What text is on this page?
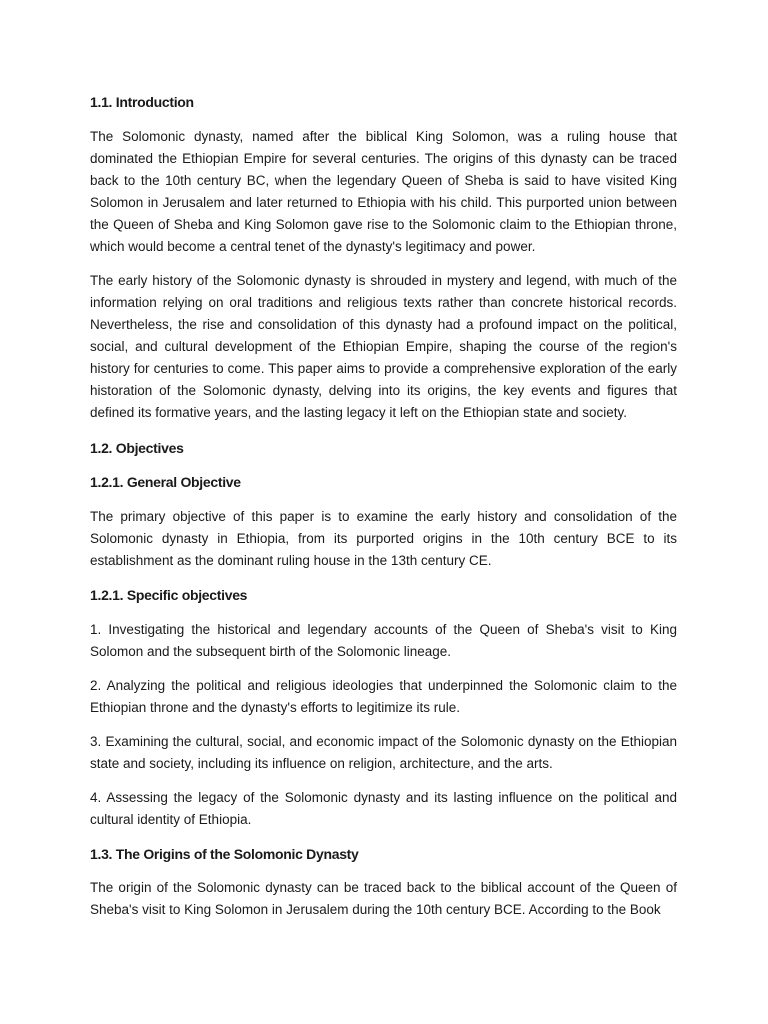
1.1. Introduction

The Solomonic dynasty, named after the biblical King Solomon, was a ruling house that dominated the Ethiopian Empire for several centuries. The origins of this dynasty can be traced back to the 10th century BC, when the legendary Queen of Sheba is said to have visited King Solomon in Jerusalem and later returned to Ethiopia with his child. This purported union between the Queen of Sheba and King Solomon gave rise to the Solomonic claim to the Ethiopian throne, which would become a central tenet of the dynasty's legitimacy and power.

The early history of the Solomonic dynasty is shrouded in mystery and legend, with much of the information relying on oral traditions and religious texts rather than concrete historical records. Nevertheless, the rise and consolidation of this dynasty had a profound impact on the political, social, and cultural development of the Ethiopian Empire, shaping the course of the region's history for centuries to come. This paper aims to provide a comprehensive exploration of the early historation of the Solomonic dynasty, delving into its origins, the key events and figures that defined its formative years, and the lasting legacy it left on the Ethiopian state and society.

1.2. Objectives
1.2.1. General Objective

The primary objective of this paper is to examine the early history and consolidation of the Solomonic dynasty in Ethiopia, from its purported origins in the 10th century BCE to its establishment as the dominant ruling house in the 13th century CE.

1.2.1. Specific objectives

1. Investigating the historical and legendary accounts of the Queen of Sheba's visit to King Solomon and the subsequent birth of the Solomonic lineage.

2. Analyzing the political and religious ideologies that underpinned the Solomonic claim to the Ethiopian throne and the dynasty's efforts to legitimize its rule.

3. Examining the cultural, social, and economic impact of the Solomonic dynasty on the Ethiopian state and society, including its influence on religion, architecture, and the arts.

4. Assessing the legacy of the Solomonic dynasty and its lasting influence on the political and cultural identity of Ethiopia.

1.3. The Origins of the Solomonic Dynasty

The origin of the Solomonic dynasty can be traced back to the biblical account of the Queen of Sheba's visit to King Solomon in Jerusalem during the 10th century BCE. According to the Book
